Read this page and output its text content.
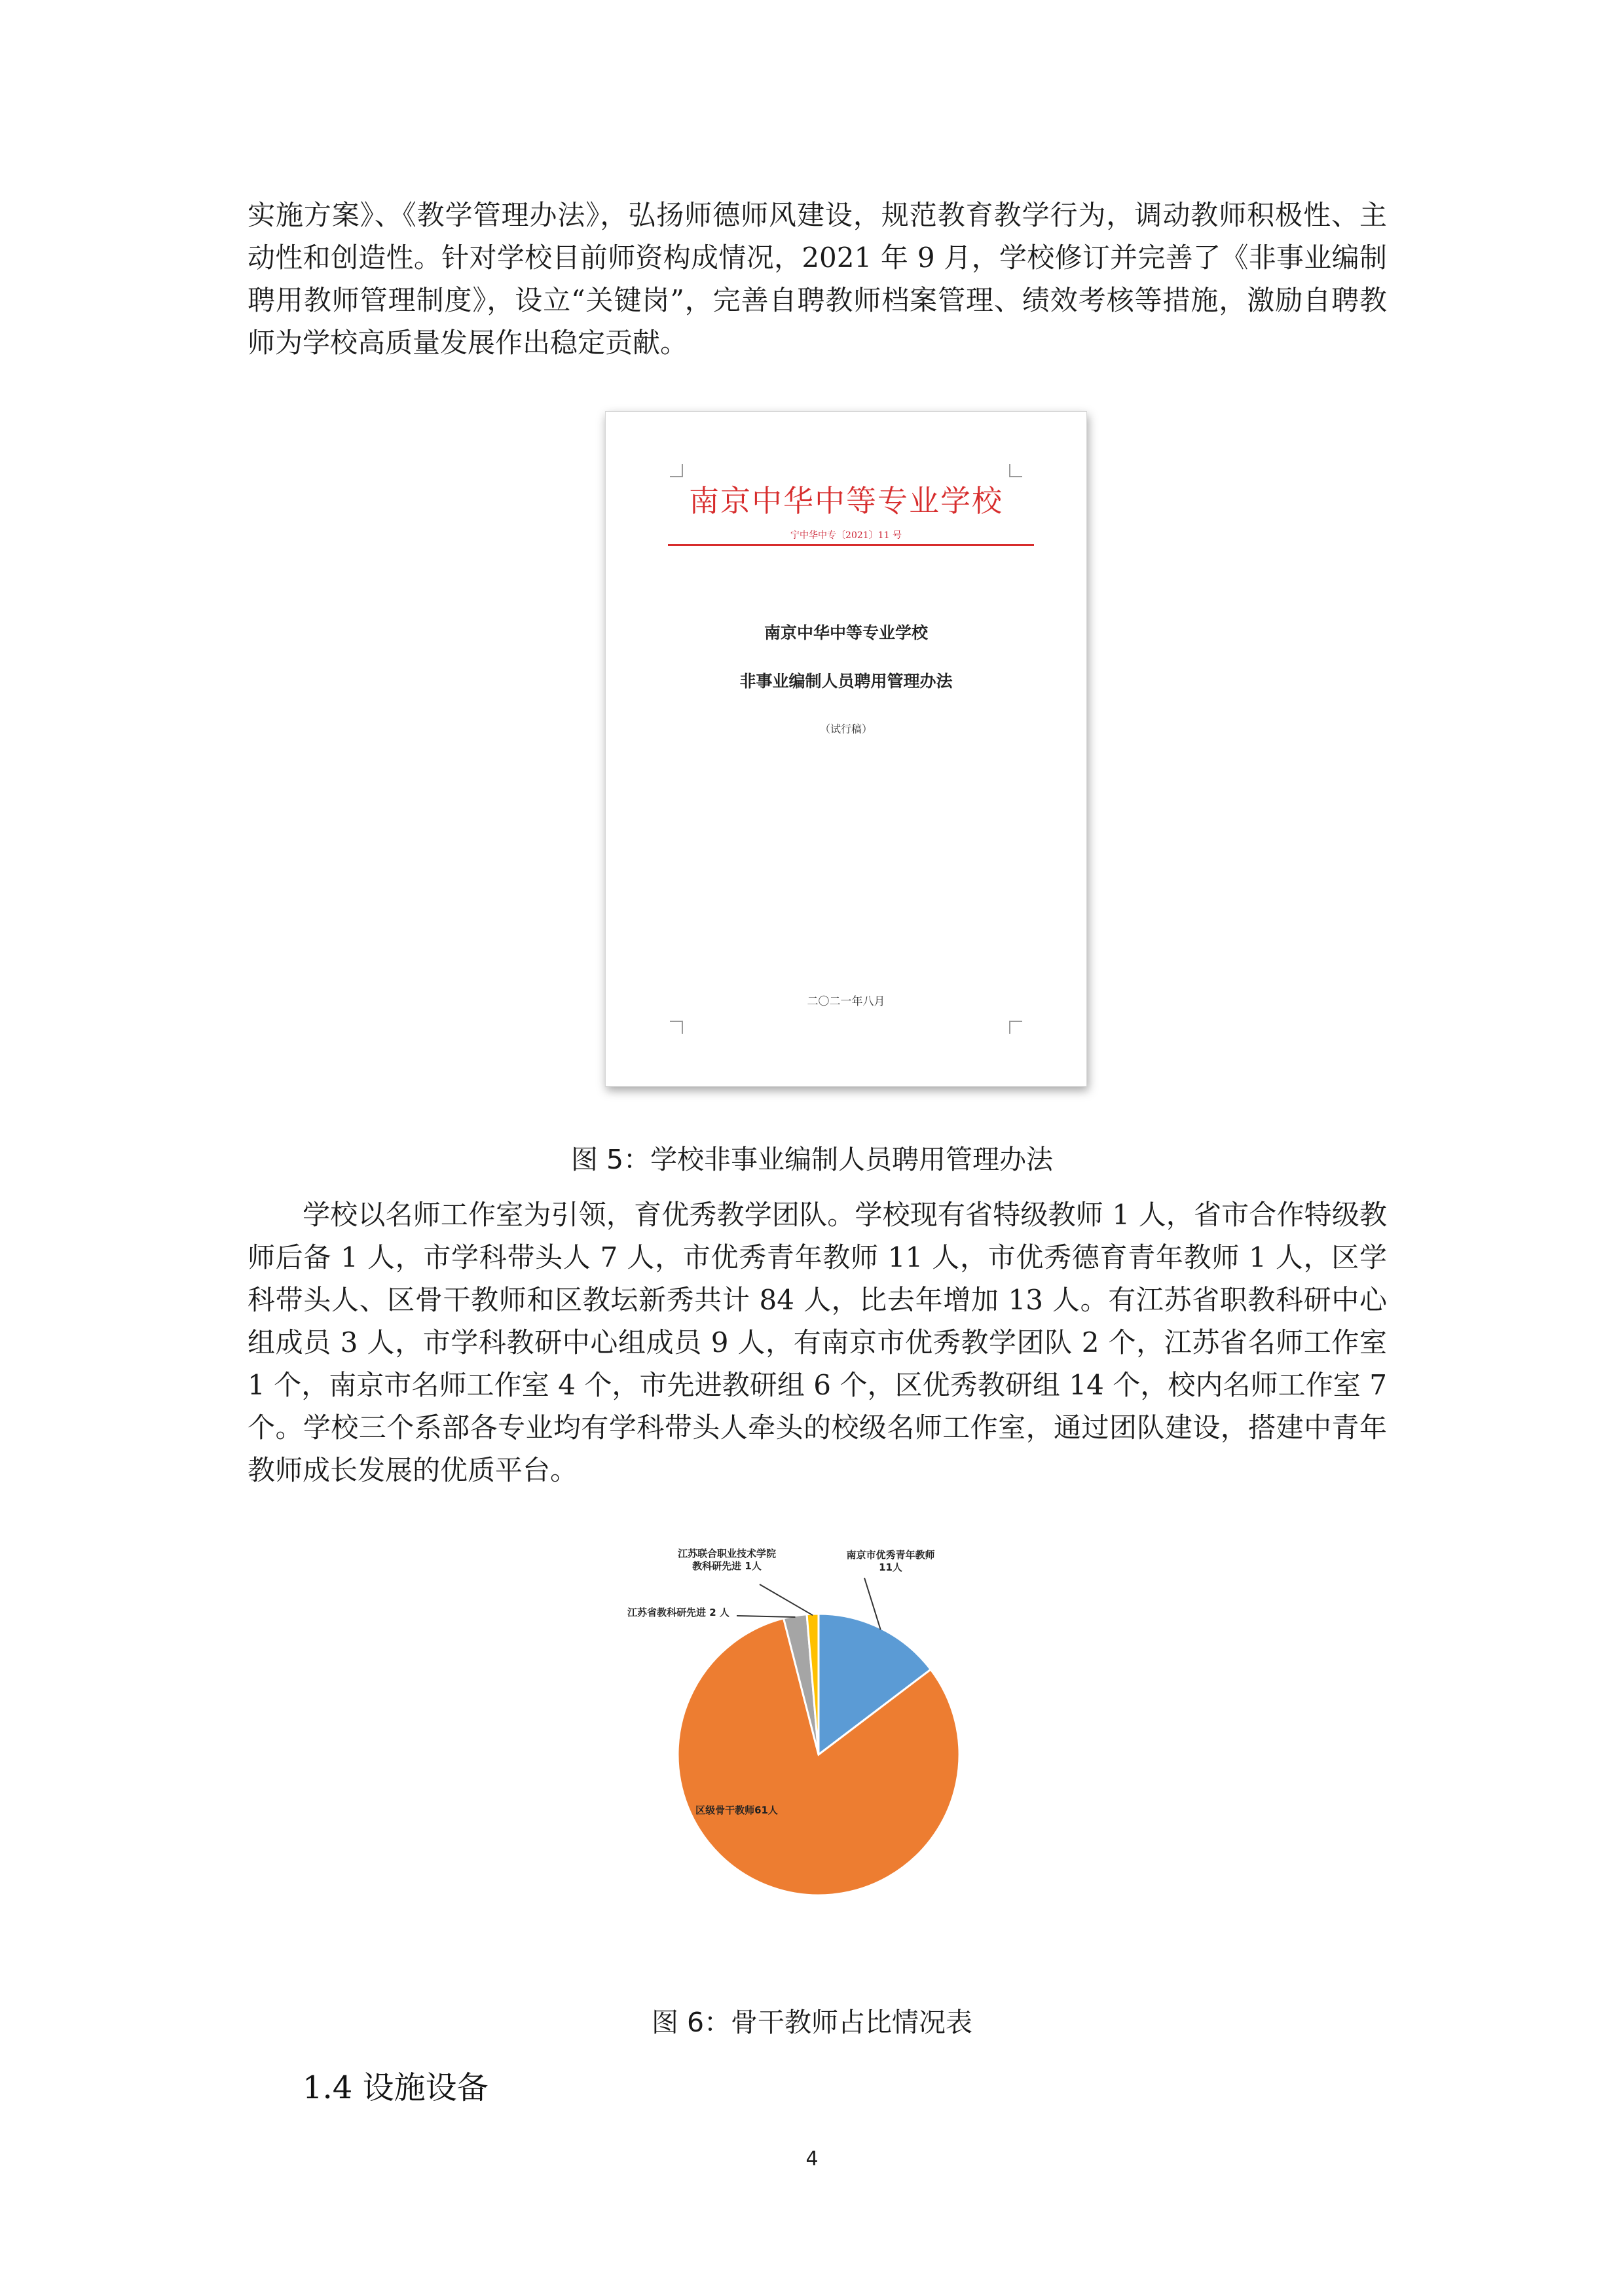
实施方案》、《教学管理办法》，弘扬师德师风建设，规范教育教学行为，调动教师积极性、主动性和创造性。针对学校目前师资构成情况，2021 年 9 月，学校修订并完善了《非事业编制聘用教师管理制度》，设立“关键岗”，完善自聘教师档案管理、绩效考核等措施，激励自聘教师为学校高质量发展作出稳定贡献。

南京中华中等专业学校
宁中华中专〔2021〕11 号
南京中华中等专业学校
非事业编制人员聘用管理办法
（试行稿）
二〇二一年八月

图 5：学校非事业编制人员聘用管理办法

学校以名师工作室为引领，育优秀教学团队。学校现有省特级教师 1 人，省市合作特级教师后备 1 人，市学科带头人 7 人，市优秀青年教师 11 人，市优秀德育青年教师 1 人，区学科带头人、区骨干教师和区教坛新秀共计 84 人，比去年增加 13 人。有江苏省职教科研中心组成员 3 人，市学科教研中心组成员 9 人，有南京市优秀教学团队 2 个，江苏省名师工作室 1 个，南京市名师工作室 4 个，市先进教研组 6 个，区优秀教研组 14 个，校内名师工作室 7 个。学校三个系部各专业均有学科带头人牵头的校级名师工作室，通过团队建设，搭建中青年教师成长发展的优质平台。

南京市优秀青年教师 11人
区级骨干教师61人
江苏省教科研先进 2 人
江苏联合职业技术学院教科研先进 1人

图 6：骨干教师占比情况表

1.4 设施设备
4
